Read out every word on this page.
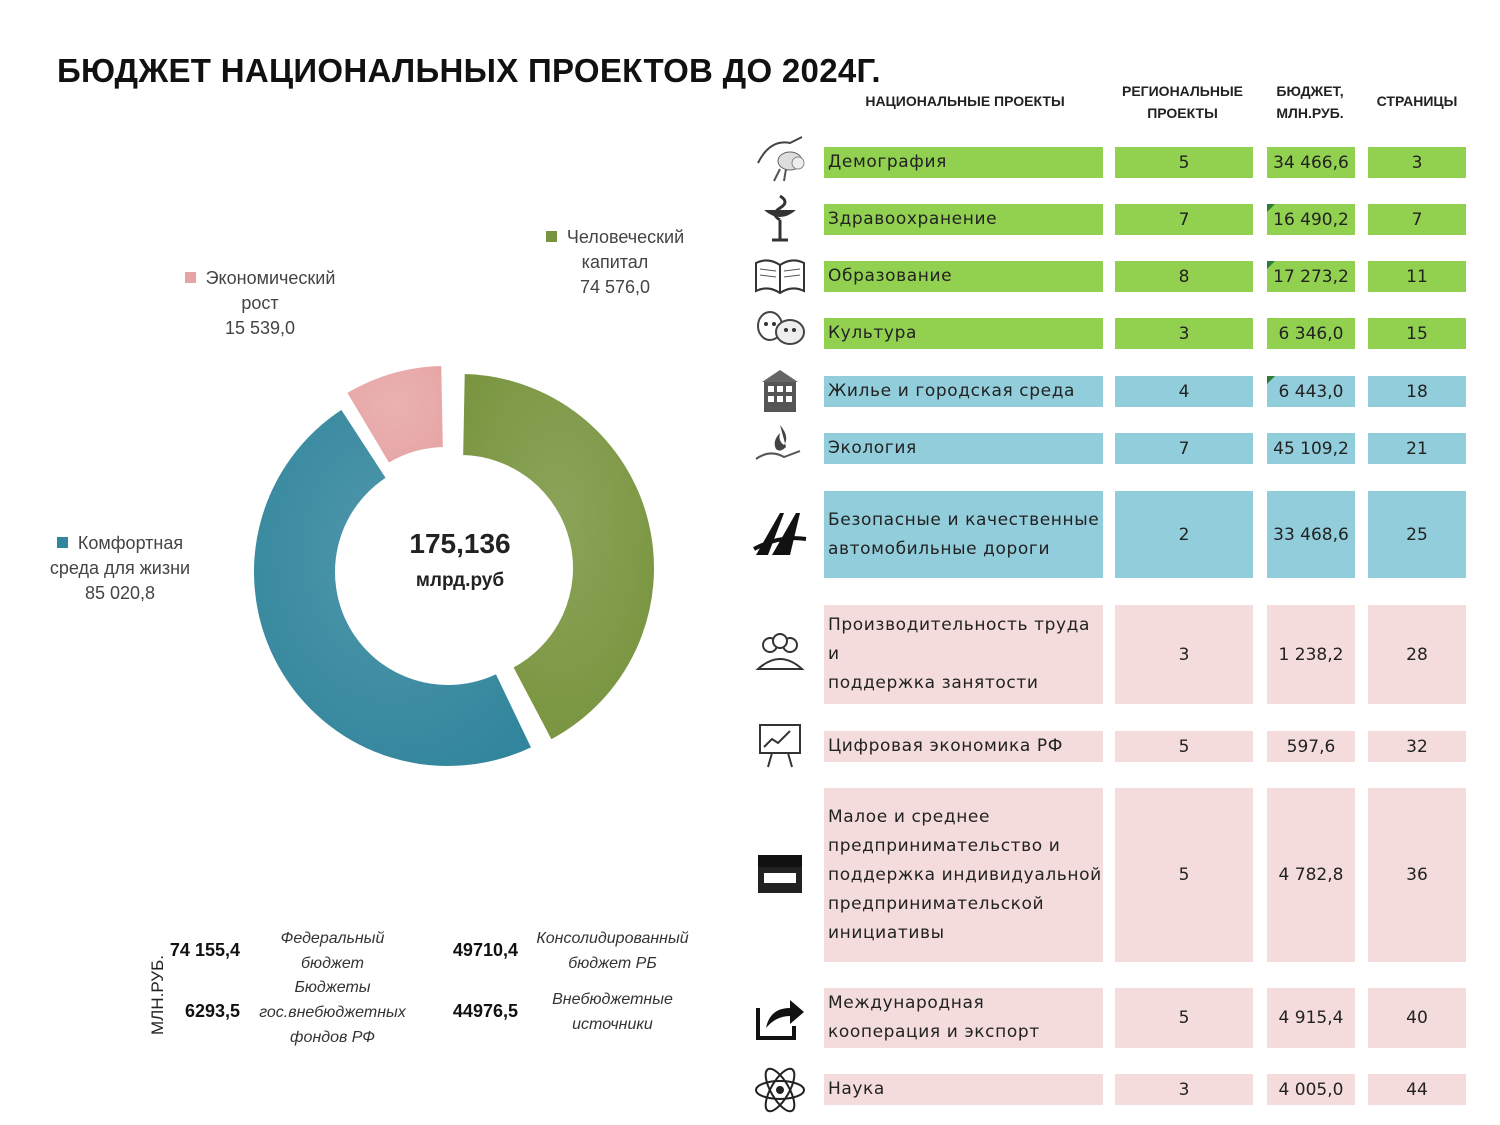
БЮДЖЕТ НАЦИОНАЛЬНЫХ ПРОЕКТОВ ДО 2024Г.
НАЦИОНАЛЬНЫЕ ПРОЕКТЫ
РЕГИОНАЛЬНЫЕ
ПРОЕКТЫ
БЮДЖЕТ,
МЛН.РУБ.
СТРАНИЦЫ
Демография	5	34 466,6	3
Здравоохранение	7	16 490,2	7
Образование	8	17 273,2	11
Культура	3	6 346,0	15
Жилье и городская среда	4	6 443,0	18
Экология	7	45 109,2	21
Безопасные и качественные
автомобильные дороги
2	33 468,6	25
Производительность труда и
поддержка занятости
3	1 238,2	28
Цифровая экономика РФ	5	597,6	32
Малое и среднее
предпринимательство и
поддержка индивидуальной
предпринимательской
инициативы
5	4 782,8	36
Международная
кооперация и экспорт
5	4 915,4	40
Наука	3	4 005,0	44
175,136
млрд.руб
Человеческий
капитал
74 576,0
Экономический
рост
15 539,0
Комфортная
среда для жизни
85 020,8
МЛН.РУБ.
74 155,4
Федеральный
бюджет
49710,4
Консолидированный
бюджет РБ
6293,5
Бюджеты
гос.внебюджетных
фондов РФ
44976,5
Внебюджетные
источники
